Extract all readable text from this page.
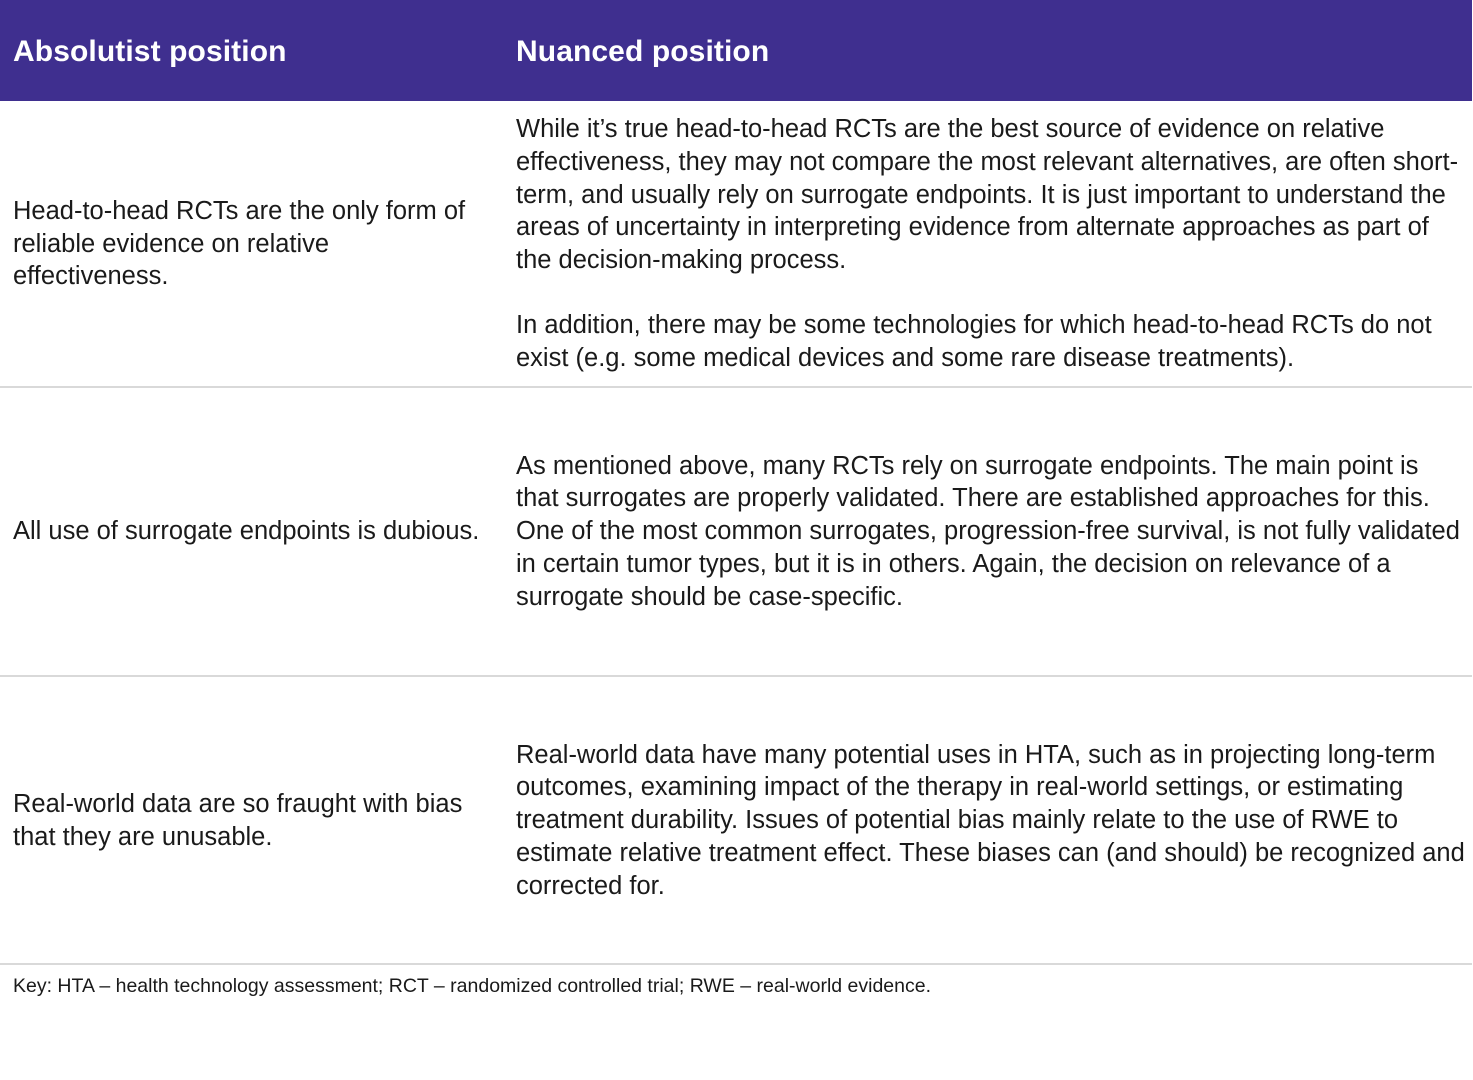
Absolutist position	Nuanced position

Head-to-head RCTs are the only form of reliable evidence on relative effectiveness.

While it’s true head-to-head RCTs are the best source of evidence on relative effectiveness, they may not compare the most relevant alternatives, are often short-term, and usually rely on surrogate endpoints. It is just important to understand the areas of uncertainty in interpreting evidence from alternate approaches as part of the decision-making process.

In addition, there may be some technologies for which head-to-head RCTs do not exist (e.g. some medical devices and some rare disease treatments).

All use of surrogate endpoints is dubious.

As mentioned above, many RCTs rely on surrogate endpoints. The main point is that surrogates are properly validated. There are established approaches for this. One of the most common surrogates, progression-free survival, is not fully validated in certain tumor types, but it is in others. Again, the decision on relevance of a surrogate should be case-specific.

Real-world data are so fraught with bias that they are unusable.

Real-world data have many potential uses in HTA, such as in projecting long-term outcomes, examining impact of the therapy in real-world settings, or estimating treatment durability. Issues of potential bias mainly relate to the use of RWE to estimate relative treatment effect. These biases can (and should) be recognized and corrected for.

Key: HTA – health technology assessment; RCT – randomized controlled trial; RWE – real-world evidence.
